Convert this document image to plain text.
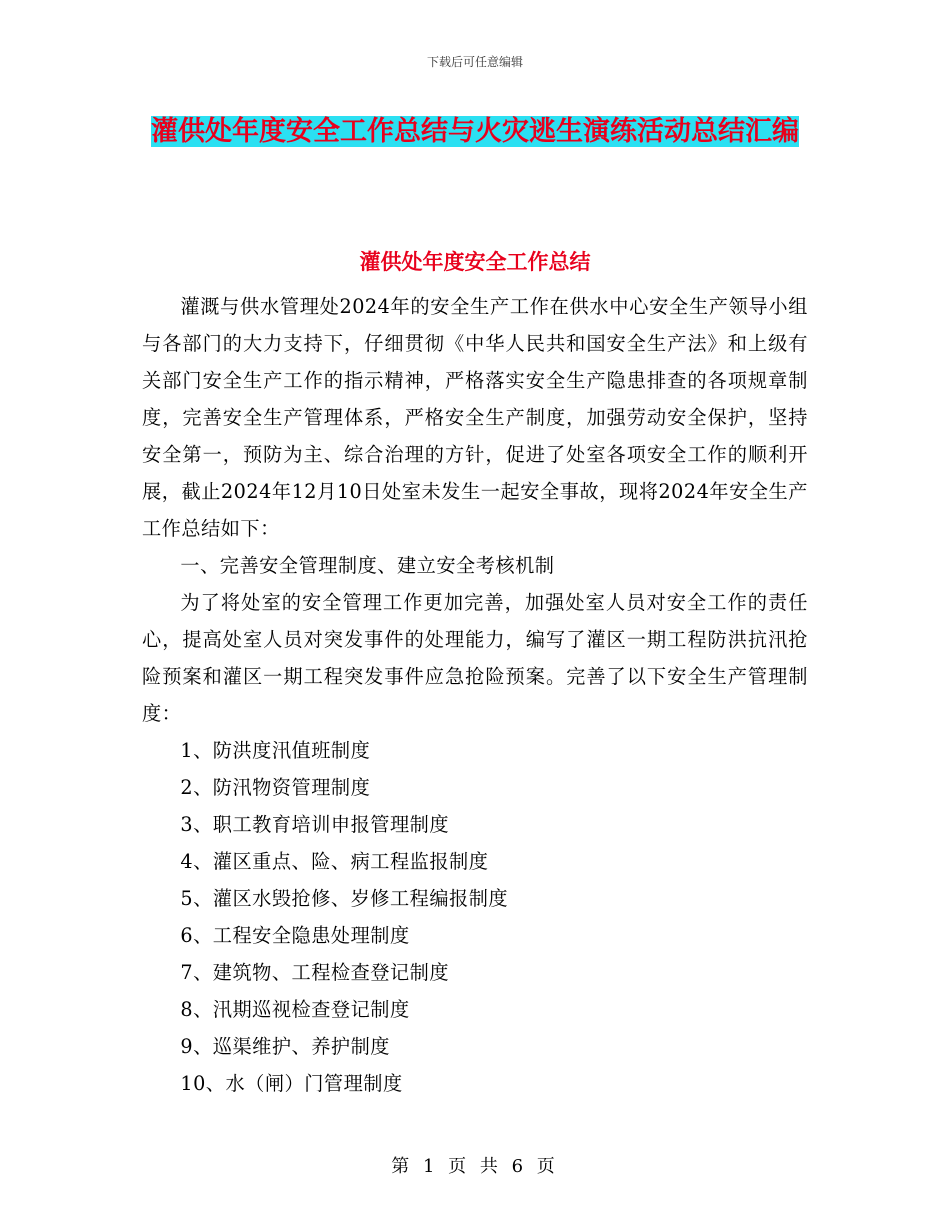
下载后可任意编辑
灌供处年度安全工作总结与火灾逃生演练活动总结汇编
灌供处年度安全工作总结

灌溉与供水管理处2024年的安全生产工作在供水中心安全生产领导小组与各部门的大力支持下，仔细贯彻《中华人民共和国安全生产法》和上级有关部门安全生产工作的指示精神，严格落实安全生产隐患排查的各项规章制度，完善安全生产管理体系，严格安全生产制度，加强劳动安全保护，坚持安全第一，预防为主、综合治理的方针，促进了处室各项安全工作的顺利开展，截止2024年12月10日处室未发生一起安全事故，现将2024年安全生产工作总结如下：

一、完善安全管理制度、建立安全考核机制

为了将处室的安全管理工作更加完善，加强处室人员对安全工作的责任心，提高处室人员对突发事件的处理能力，编写了灌区一期工程防洪抗汛抢险预案和灌区一期工程突发事件应急抢险预案。完善了以下安全生产管理制度：

1、防洪度汛值班制度
2、防汛物资管理制度
3、职工教育培训申报管理制度
4、灌区重点、险、病工程监报制度
5、灌区水毁抢修、岁修工程编报制度
6、工程安全隐患处理制度
7、建筑物、工程检查登记制度
8、汛期巡视检查登记制度
9、巡渠维护、养护制度
10、水（闸）门管理制度
第 1 页 共 6 页
